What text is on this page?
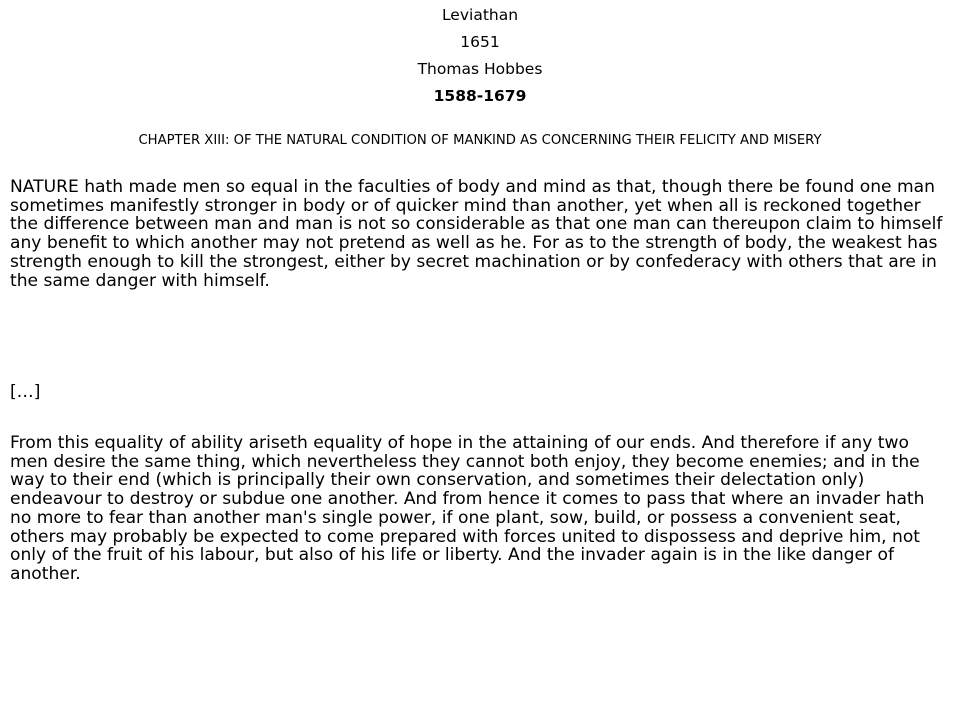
Leviathan
1651
Thomas Hobbes
1588-1679
CHAPTER XIII: OF THE NATURAL CONDITION OF MANKIND AS CONCERNING THEIR FELICITY AND MISERY

NATURE hath made men so equal in the faculties of body and mind as that, though there be found one man sometimes manifestly stronger in body or of quicker mind than another, yet when all is reckoned together the difference between man and man is not so considerable as that one man can thereupon claim to himself any benefit to which another may not pretend as well as he. For as to the strength of body, the weakest has strength enough to kill the strongest, either by secret machination or by confederacy with others that are in the same danger with himself.

[…]

From this equality of ability ariseth equality of hope in the attaining of our ends. And therefore if any two men desire the same thing, which nevertheless they cannot both enjoy, they become enemies; and in the way to their end (which is principally their own conservation, and sometimes their delectation only) endeavour to destroy or subdue one another. And from hence it comes to pass that where an invader hath no more to fear than another man's single power, if one plant, sow, build, or possess a convenient seat, others may probably be expected to come prepared with forces united to dispossess and deprive him, not only of the fruit of his labour, but also of his life or liberty. And the invader again is in the like danger of another.
